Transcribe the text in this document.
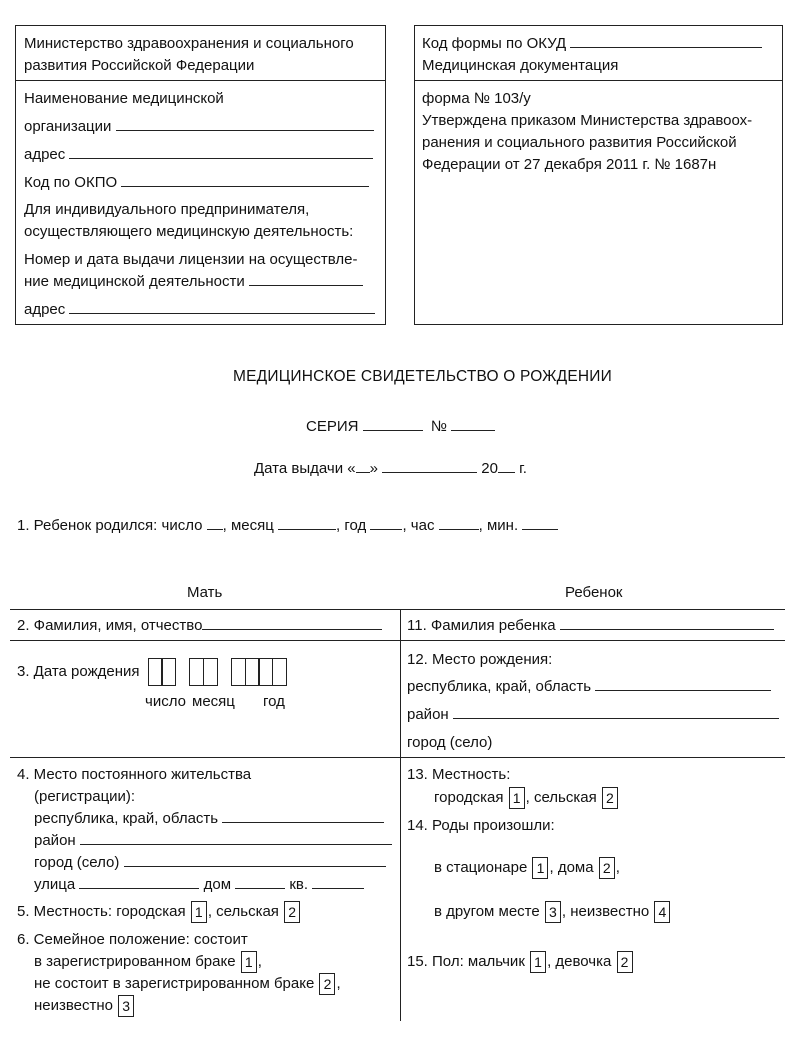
Министерство здравоохранения и социального
развития Российской Федерации
Наименование медицинской
организации
адрес
Код по ОКПО
Для индивидуального предпринимателя,
осуществляющего медицинскую деятельность:
Номер и дата выдачи лицензии на осуществле-
ние медицинской деятельности
адрес
Код формы по ОКУД
Медицинская документация
форма № 103/у
Утверждена приказом Министерства здравоох-
ранения и социального развития Российской
Федерации от 27 декабря 2011 г. № 1687н
МЕДИЦИНСКОЕ СВИДЕТЕЛЬСТВО О РОЖДЕНИИ
СЕРИЯ	№
Дата выдачи « »	20 г.
1. Ребенок родился: число , месяц	, год , час	, мин.
Мать	Ребенок
2. Фамилия, имя, отчество
3. Дата рождения
число месяц год
4. Место постоянного жительства
(регистрации):
республика, край, область
район
город (село)
улица	дом	кв.
5. Местность: городская 1 , сельская 2
6. Семейное положение: состоит
в зарегистрированном браке 1 ,
не состоит в зарегистрированном браке 2 ,
неизвестно 3
11. Фамилия ребенка
12. Место рождения:
республика, край, область
район
город (село)
13. Местность:
городская 1 , сельская 2
14. Роды произошли:
в стационаре 1 , дома 2 ,
в другом месте 3 , неизвестно 4
15. Пол: мальчик 1 , девочка 2
